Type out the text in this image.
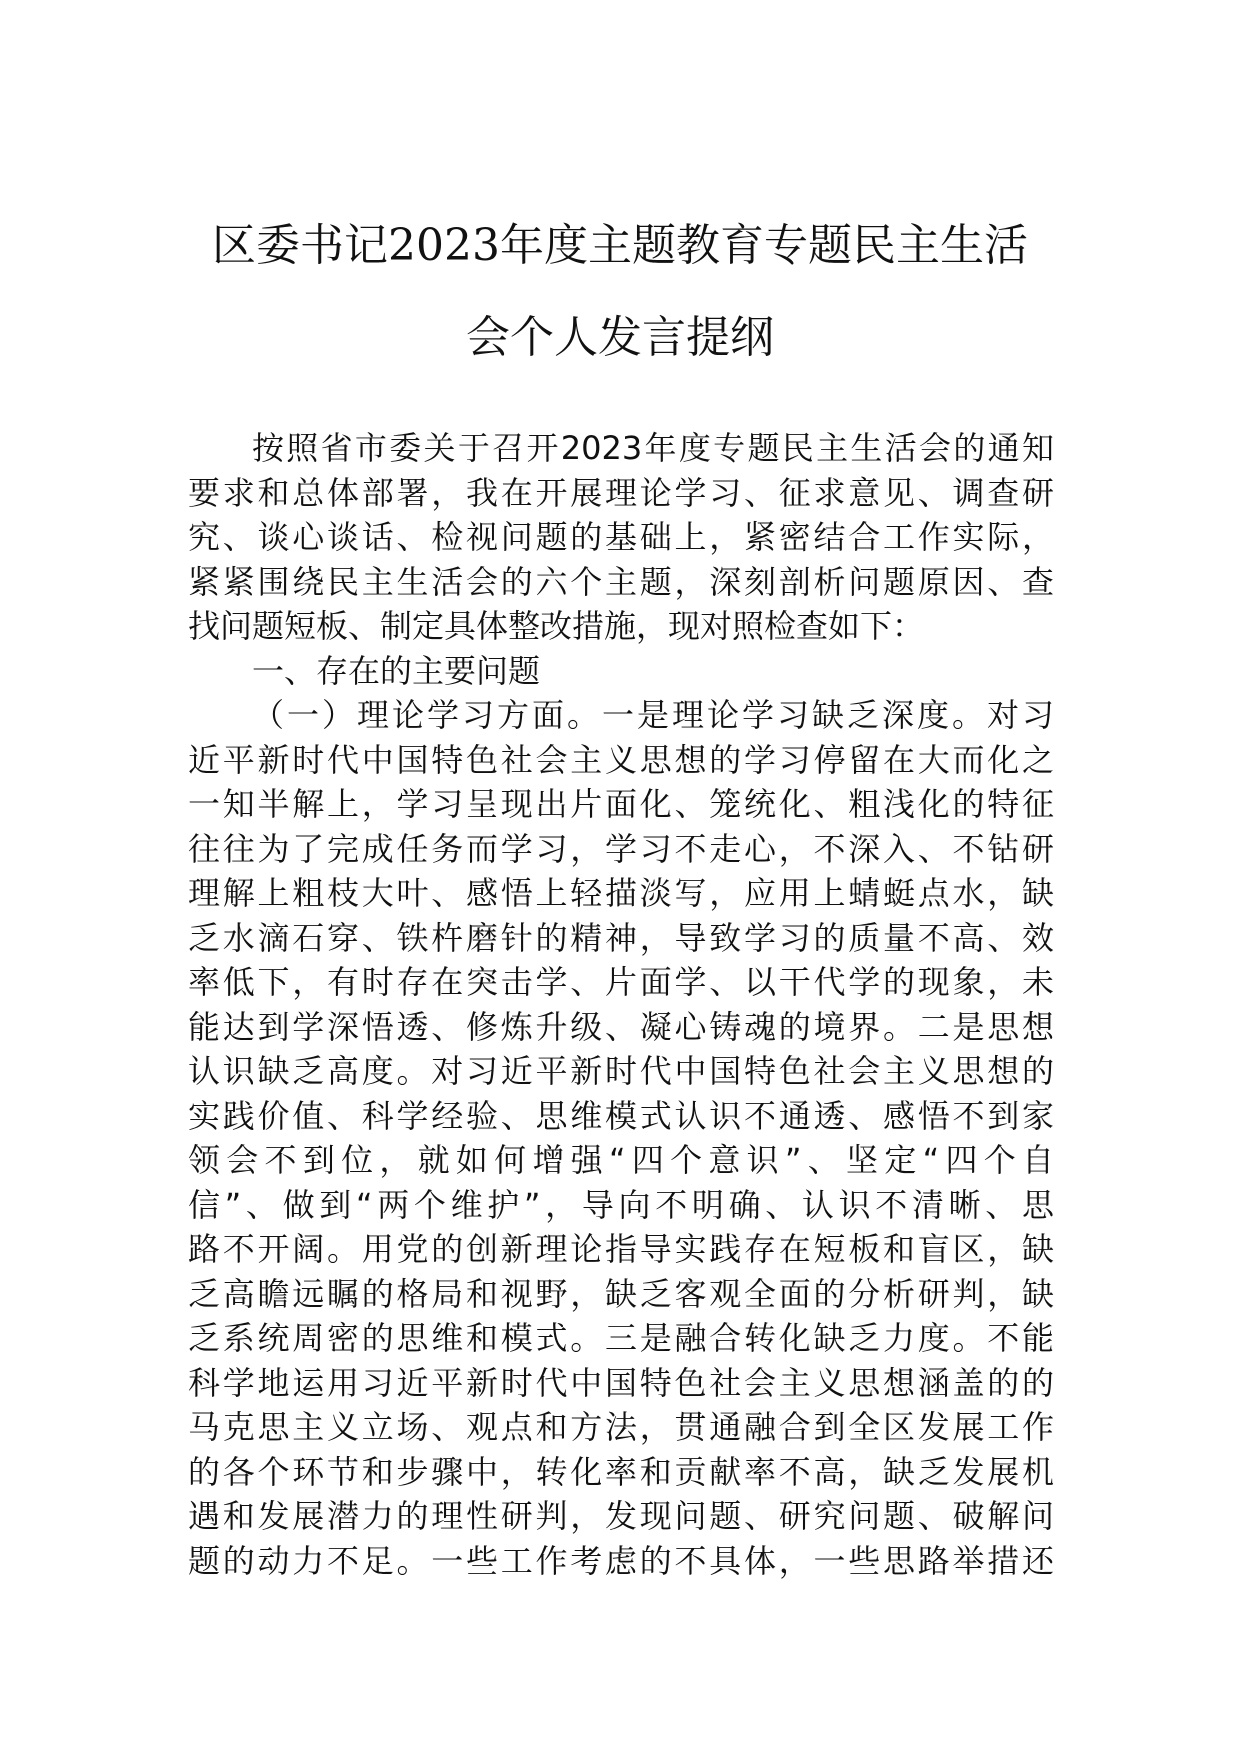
区委书记2023年度主题教育专题民主生活
会个人发言提纲
按照省市委关于召开2023年度专题民主生活会的通知
要求和总体部署，我在开展理论学习、征求意见、调查研
究、谈心谈话、检视问题的基础上，紧密结合工作实际，
紧紧围绕民主生活会的六个主题，深刻剖析问题原因、查
找问题短板、制定具体整改措施，现对照检查如下：
一、存在的主要问题
（一）理论学习方面。一是理论学习缺乏深度。对习
近平新时代中国特色社会主义思想的学习停留在大而化之
一知半解上，学习呈现出片面化、笼统化、粗浅化的特征
往往为了完成任务而学习，学习不走心，不深入、不钻研
理解上粗枝大叶、感悟上轻描淡写，应用上蜻蜓点水，缺
乏水滴石穿、铁杵磨针的精神，导致学习的质量不高、效
率低下，有时存在突击学、片面学、以干代学的现象，未
能达到学深悟透、修炼升级、凝心铸魂的境界。二是思想
认识缺乏高度。对习近平新时代中国特色社会主义思想的
实践价值、科学经验、思维模式认识不通透、感悟不到家
领会不到位，就如何增强“四个意识”、坚定“四个自
信”、做到“两个维护”，导向不明确、认识不清晰、思
路不开阔。用党的创新理论指导实践存在短板和盲区，缺
乏高瞻远瞩的格局和视野，缺乏客观全面的分析研判，缺
乏系统周密的思维和模式。三是融合转化缺乏力度。不能
科学地运用习近平新时代中国特色社会主义思想涵盖的的
马克思主义立场、观点和方法，贯通融合到全区发展工作
的各个环节和步骤中，转化率和贡献率不高，缺乏发展机
遇和发展潜力的理性研判，发现问题、研究问题、破解问
题的动力不足。一些工作考虑的不具体，一些思路举措还
